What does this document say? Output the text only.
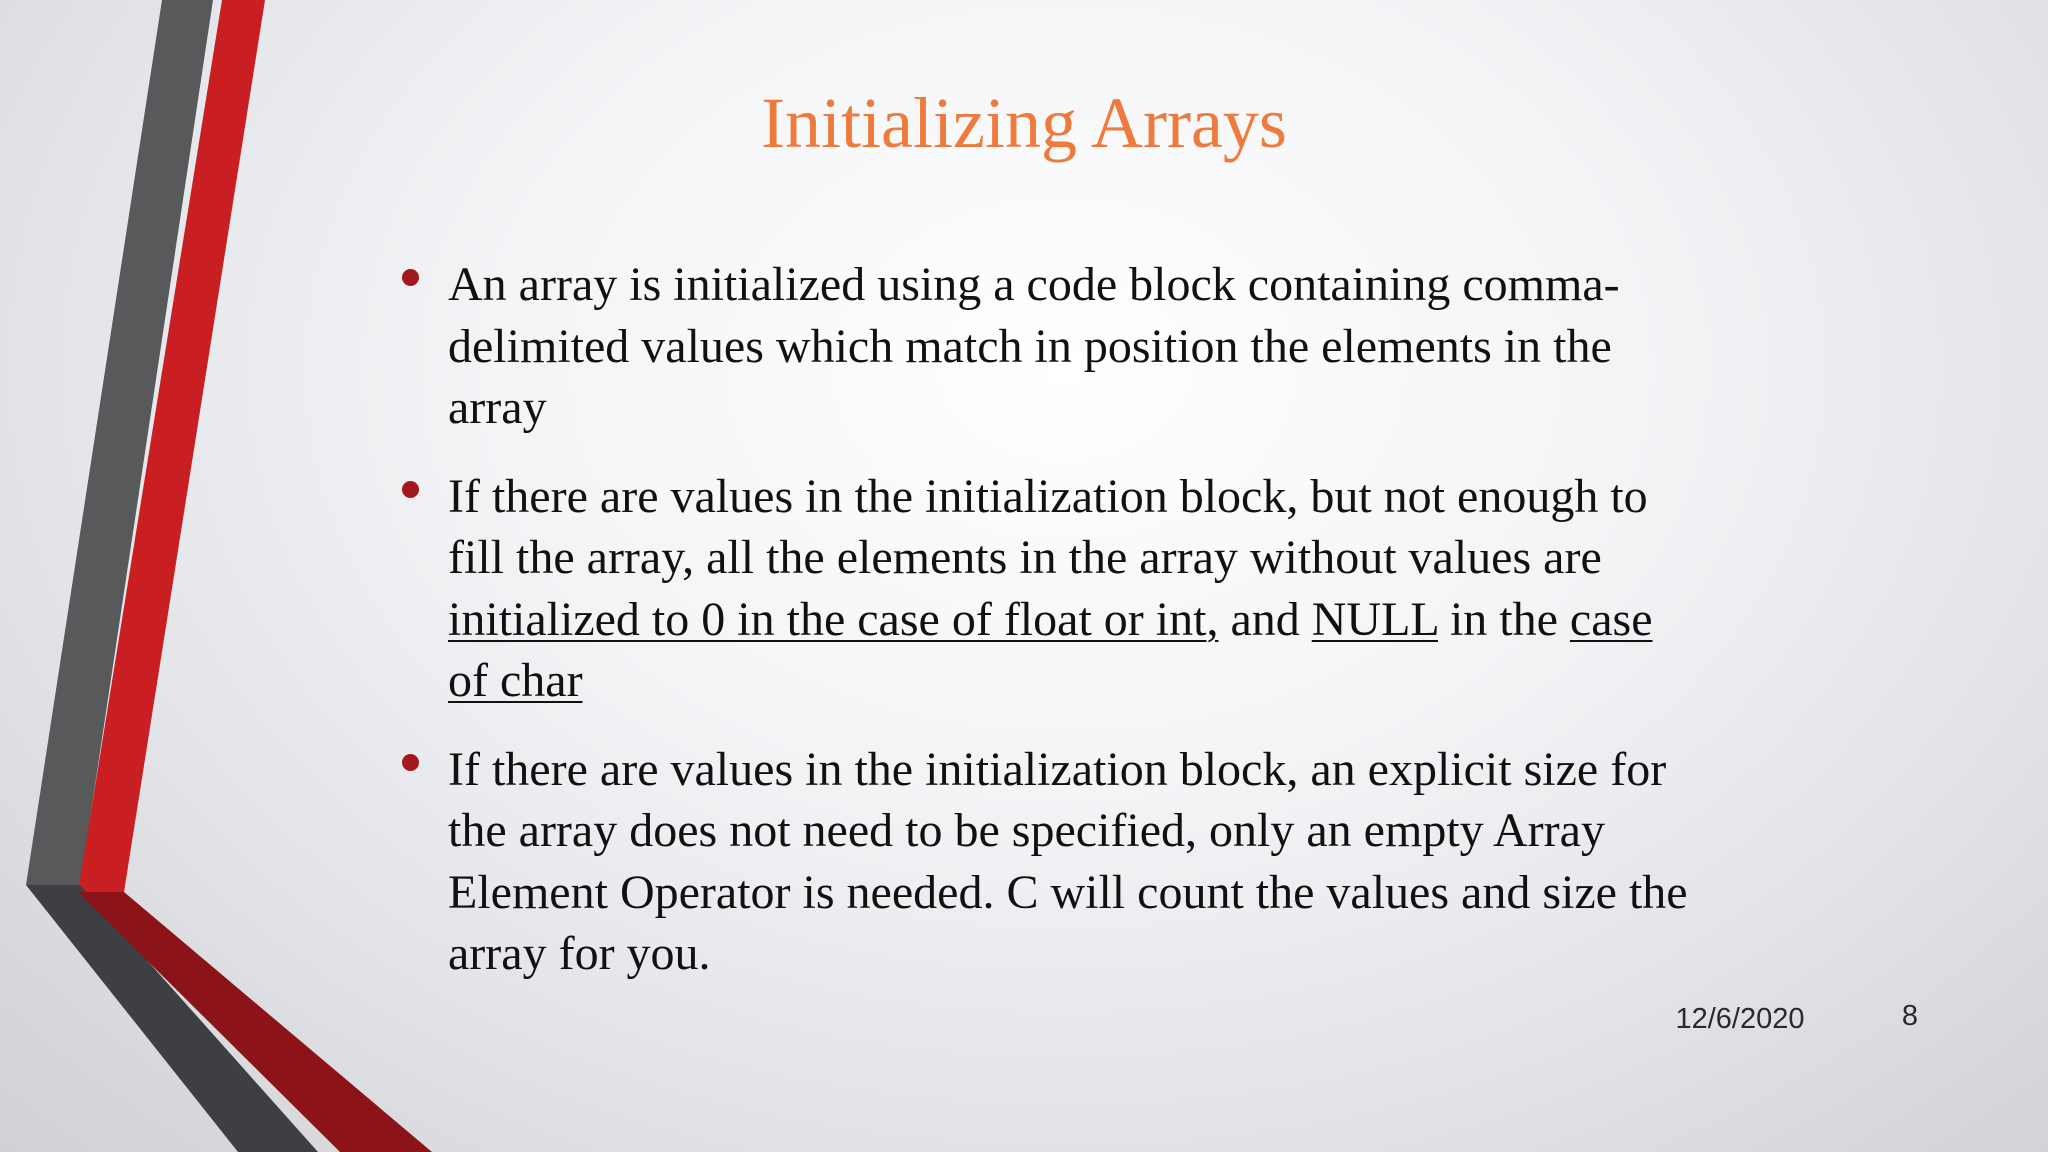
Initializing Arrays
An array is initialized using a code block containing comma-delimited values which match in position the elements in the array
If there are values in the initialization block, but not enough to fill the array, all the elements in the array without values are initialized to 0 in the case of float or int, and NULL in the case of char
If there are values in the initialization block, an explicit size for the array does not need to be specified, only an empty Array Element Operator is needed. C will count the values and size the array for you.
12/6/2020	8
